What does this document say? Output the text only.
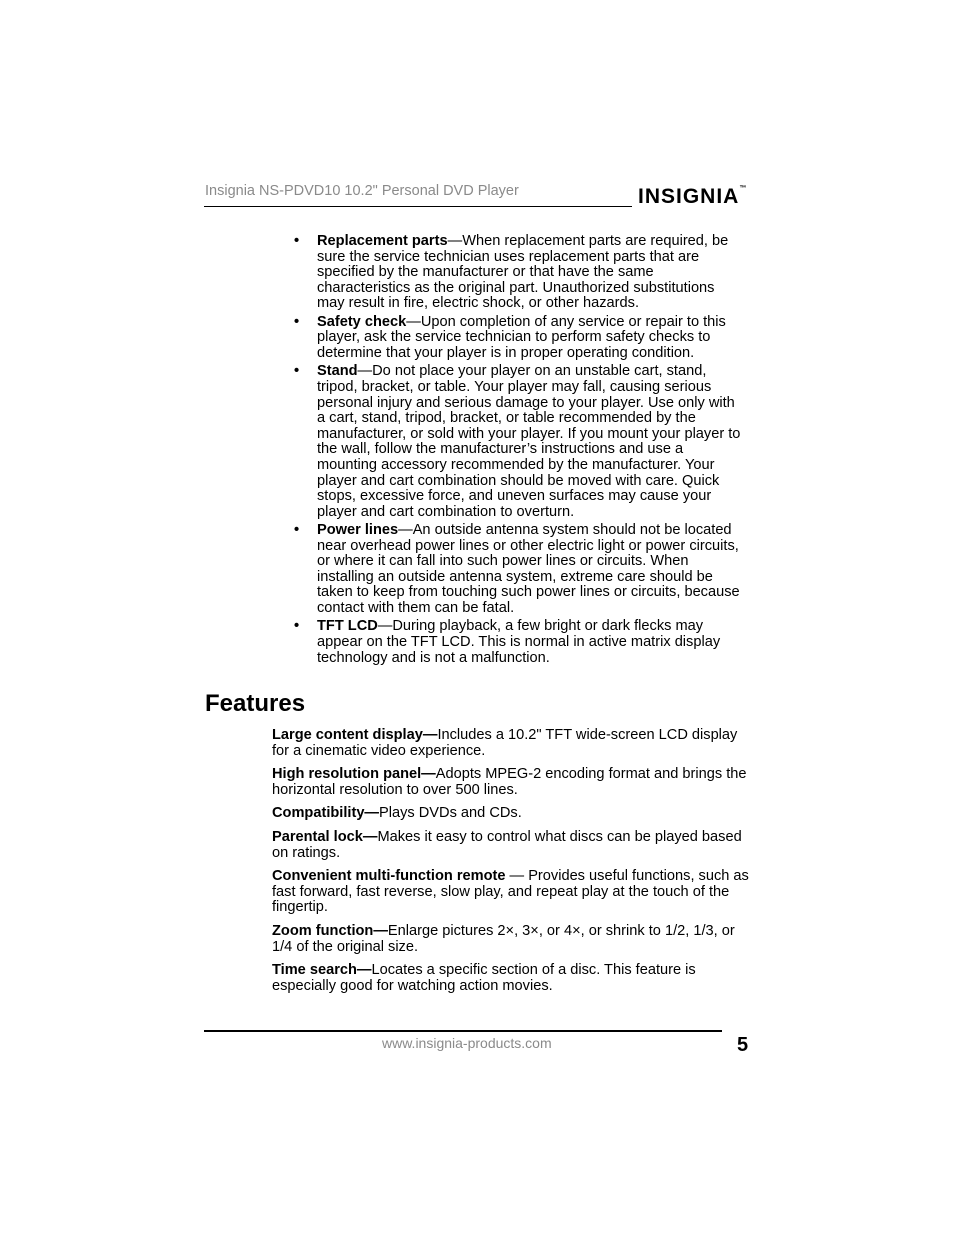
Insignia NS-PDVD10 10.2" Personal DVD Player	INSIGNIA™
• Replacement parts—When replacement parts are required, be sure the service technician uses replacement parts that are specified by the manufacturer or that have the same characteristics as the original part. Unauthorized substitutions may result in fire, electric shock, or other hazards.
• Safety check—Upon completion of any service or repair to this player, ask the service technician to perform safety checks to determine that your player is in proper operating condition.
• Stand—Do not place your player on an unstable cart, stand, tripod, bracket, or table. Your player may fall, causing serious personal injury and serious damage to your player. Use only with a cart, stand, tripod, bracket, or table recommended by the manufacturer, or sold with your player. If you mount your player to the wall, follow the manufacturer’s instructions and use a mounting accessory recommended by the manufacturer. Your player and cart combination should be moved with care. Quick stops, excessive force, and uneven surfaces may cause your player and cart combination to overturn.
• Power lines—An outside antenna system should not be located near overhead power lines or other electric light or power circuits, or where it can fall into such power lines or circuits. When installing an outside antenna system, extreme care should be taken to keep from touching such power lines or circuits, because contact with them can be fatal.
• TFT LCD—During playback, a few bright or dark flecks may appear on the TFT LCD. This is normal in active matrix display technology and is not a malfunction.
Features

Large content display—Includes a 10.2" TFT wide-screen LCD display for a cinematic video experience.

High resolution panel—Adopts MPEG-2 encoding format and brings the horizontal resolution to over 500 lines.

Compatibility—Plays DVDs and CDs.

Parental lock—Makes it easy to control what discs can be played based on ratings.

Convenient multi-function remote — Provides useful functions, such as fast forward, fast reverse, slow play, and repeat play at the touch of the fingertip.

Zoom function—Enlarge pictures 2×, 3×, or 4×, or shrink to 1/2, 1/3, or 1/4 of the original size.

Time search—Locates a specific section of a disc. This feature is especially good for watching action movies.

www.insignia-products.com	5
